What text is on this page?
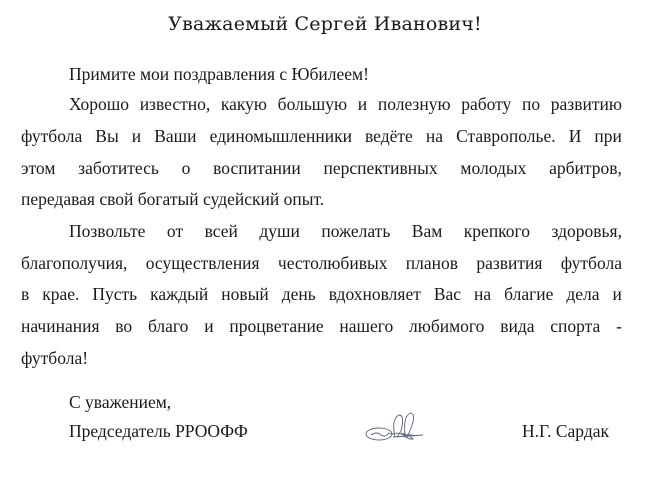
Уважаемый Сергей Иванович!
Примите мои поздравления с Юбилеем!
Хорошо известно, какую большую и полезную работу по развитию
футбола Вы и Ваши единомышленники ведёте на Ставрополье. И при
этом заботитесь о воспитании перспективных молодых арбитров,
передавая свой богатый судейский опыт.
Позвольте от всей души пожелать Вам крепкого здоровья,
благополучия, осуществления честолюбивых планов развития футбола
в крае. Пусть каждый новый день вдохновляет Вас на благие дела и
начинания во благо и процветание нашего любимого вида спорта -
футбола!
С уважением,
Председатель РРООФФ	Н.Г. Сардак
